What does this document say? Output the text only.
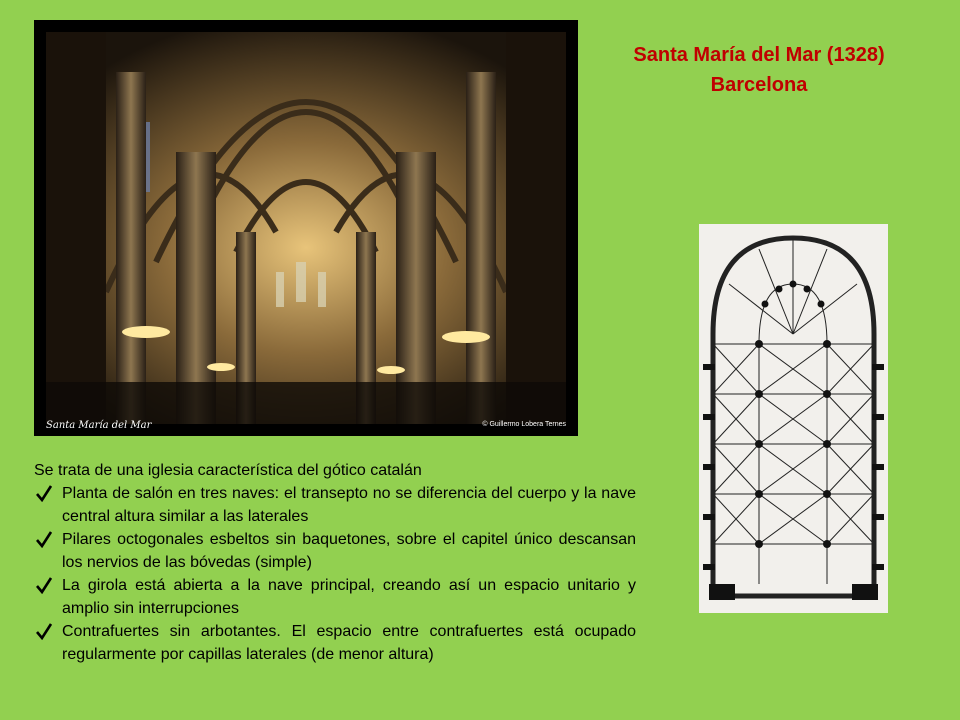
Santa María del Mar	© Guillermo Lobera Ternes
Santa María del Mar (1328)
Barcelona

Se trata de una iglesia característica del gótico catalán

Planta de salón en tres naves: el transepto no se diferencia del cuerpo y la nave central altura similar a las laterales
Pilares octogonales esbeltos sin baquetones, sobre el capitel único descansan los nervios de las bóvedas (simple)
La girola está abierta a la nave principal, creando así un espacio unitario y amplio sin interrupciones
Contrafuertes sin arbotantes. El espacio entre contrafuertes está ocupado regularmente por capillas laterales (de menor altura)
